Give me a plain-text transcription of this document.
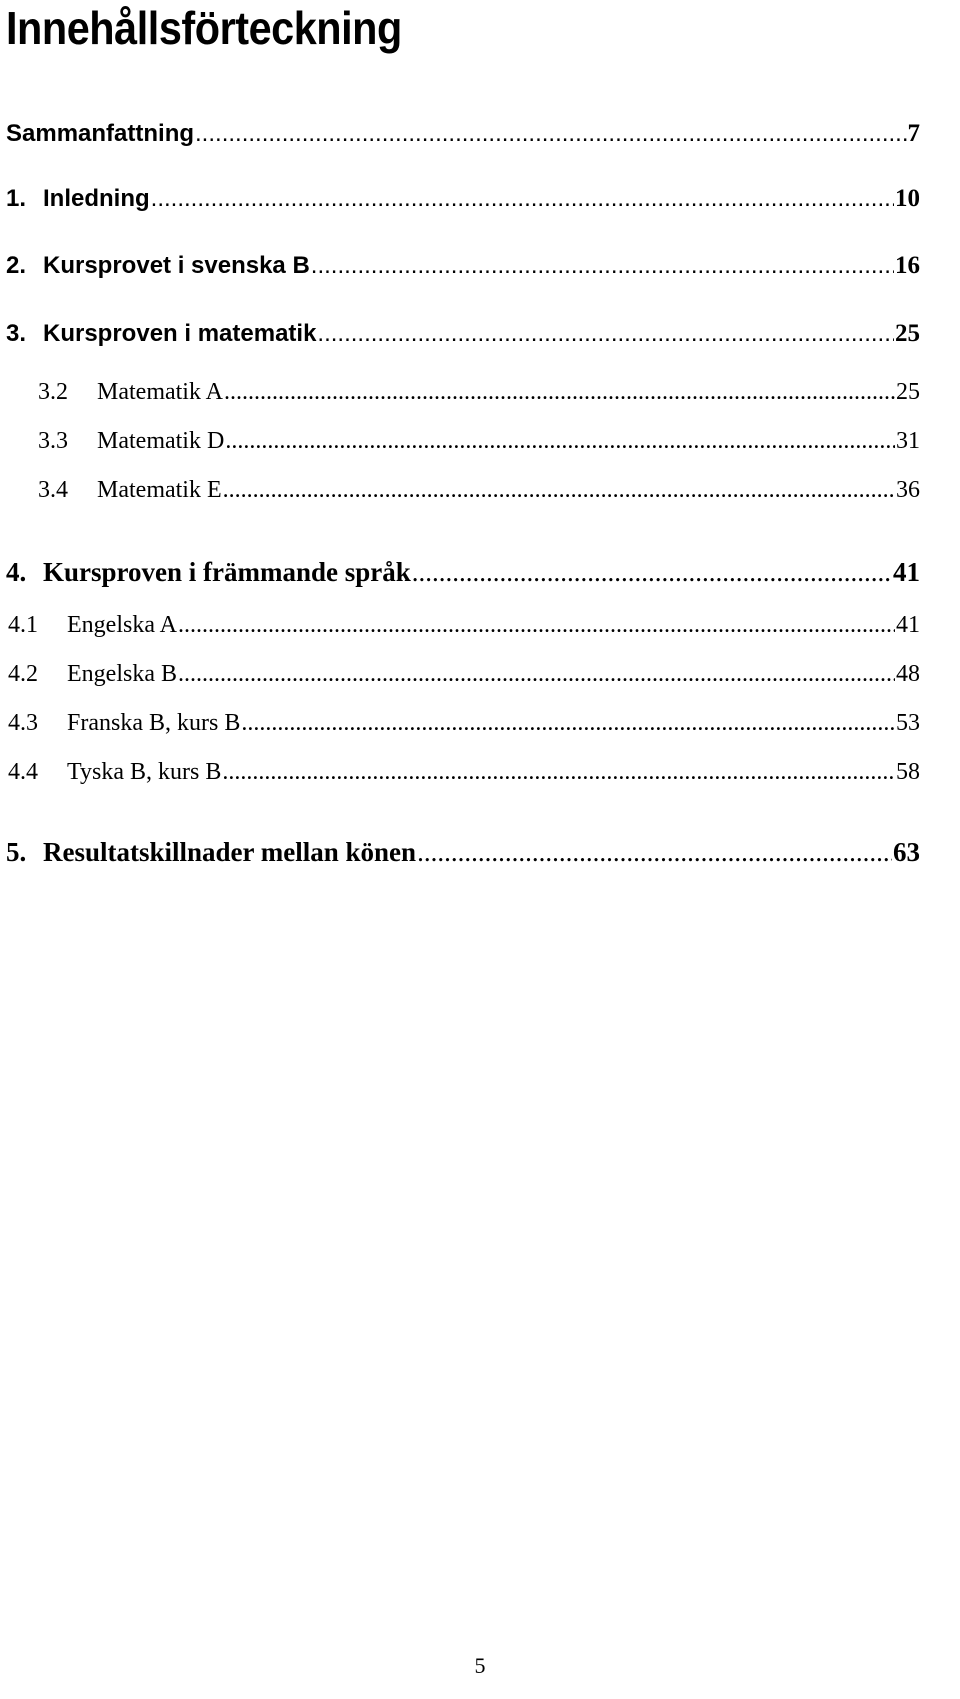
Innehållsförteckning
Sammanfattning .....	7
1. Inledning .....	10
2. Kursprovet i svenska B .....	16
3. Kursproven i matematik .....	25
3.2	Matematik A .....	25
3.3	Matematik D .....	31
3.4	Matematik E .....	36
4. Kursproven i främmande språk .....	41
4.1	Engelska A .....	41
4.2	Engelska B .....	48
4.3	Franska B, kurs B .....	53
4.4	Tyska B, kurs B .....	58
5. Resultatskillnader mellan könen .....	63
5
